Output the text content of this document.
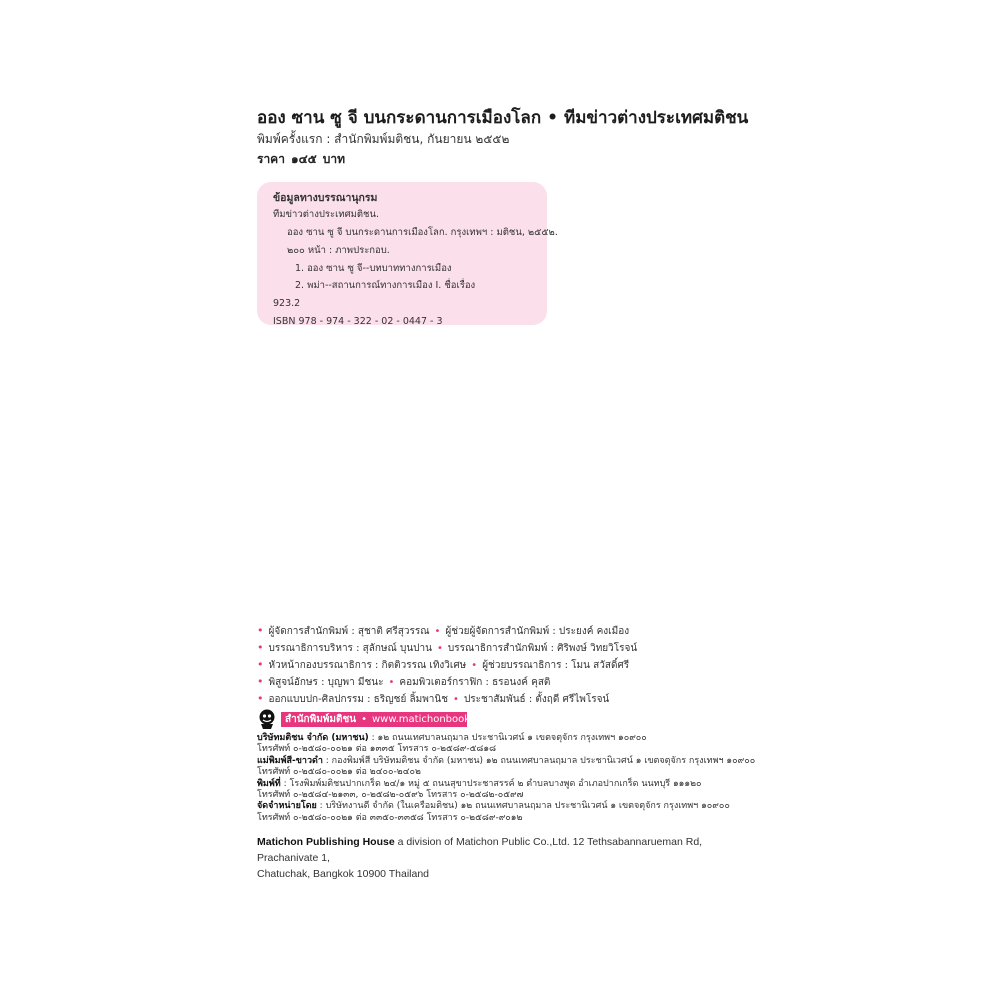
ออง ซาน ซู จี บนกระดานการเมืองโลก • ทีมข่าวต่างประเทศมติชน
พิมพ์ครั้งแรก : สำนักพิมพ์มติชน, กันยายน ๒๕๕๒
ราคา ๑๔๕ บาท
ข้อมูลทางบรรณานุกรม
ทีมข่าวต่างประเทศมติชน.
ออง ซาน ซู จี บนกระดานการเมืองโลก. กรุงเทพฯ : มติชน, ๒๕๕๒.
๒๐๐ หน้า : ภาพประกอบ.
1. ออง ซาน ซู จี--บทบาททางการเมือง
2. พม่า--สถานการณ์ทางการเมือง I. ชื่อเรื่อง
923.2
ISBN 978 - 974 - 322 - 02 - 0447 - 3
• ผู้จัดการสำนักพิมพ์ : สุชาติ ศรีสุวรรณ • ผู้ช่วยผู้จัดการสำนักพิมพ์ : ประยงค์ คงเมือง
• บรรณาธิการบริหาร : สุลักษณ์ บุนปาน • บรรณาธิการสำนักพิมพ์ : ศิริพงษ์ วิทยวิโรจน์
• หัวหน้ากองบรรณาธิการ : กิตติวรรณ เทิงวิเศษ • ผู้ช่วยบรรณาธิการ : โมน สวัสดิ์ศรี
• พิสูจน์อักษร : บุญพา มีชนะ • คอมพิวเตอร์กราฟิก : ธรอนงค์ คุสติ
• ออกแบบปก-ศิลปกรรม : ธริญชย์ ลิ้มพานิช • ประชาสัมพันธ์ : ตั้งฤดี ศรีไพโรจน์
สำนักพิมพ์มติชน • www.matichonbook.com
บริษัทมติชน จำกัด (มหาชน) : ๑๒ ถนนเทศบาลนฤมาล ประชานิเวศน์ ๑ เขตจตุจักร กรุงเทพฯ ๑๐๙๐๐
โทรศัพท์ ๐-๒๕๘๐-๐๐๒๑ ต่อ ๑๓๓๕ โทรสาร ๐-๒๕๘๙-๕๘๑๘
แม่พิมพ์สี-ขาวดำ : กองพิมพ์สี บริษัทมติชน จำกัด (มหาชน) ๑๒ ถนนเทศบาลนฤมาล ประชานิเวศน์ ๑ เขตจตุจักร กรุงเทพฯ ๑๐๙๐๐
โทรศัพท์ ๐-๒๕๘๐-๐๐๒๑ ต่อ ๒๔๐๐-๒๔๐๒
พิมพ์ที่ : โรงพิมพ์มติชนปากเกร็ด ๒๔/๑ หมู่ ๕ ถนนสุขาประชาสรรค์ ๒ ตำบลบางพูด อำเภอปากเกร็ด นนทบุรี ๑๑๑๒๐
โทรศัพท์ ๐-๒๕๘๔-๒๑๓๓, ๐-๒๕๘๒-๐๕๙๖ โทรสาร ๐-๒๕๘๒-๐๕๙๗
จัดจำหน่ายโดย : บริษัทงานดี จำกัด (ในเครือมติชน) ๑๒ ถนนเทศบาลนฤมาล ประชานิเวศน์ ๑ เขตจตุจักร กรุงเทพฯ ๑๐๙๐๐
โทรศัพท์ ๐-๒๕๘๐-๐๐๒๑ ต่อ ๓๓๕๐-๓๓๕๘ โทรสาร ๐-๒๕๘๙-๙๐๑๒
Matichon Publishing House a division of Matichon Public Co.,Ltd. 12 Tethsabannarueman Rd, Prachanivate 1,
Chatuchak, Bangkok 10900 Thailand
